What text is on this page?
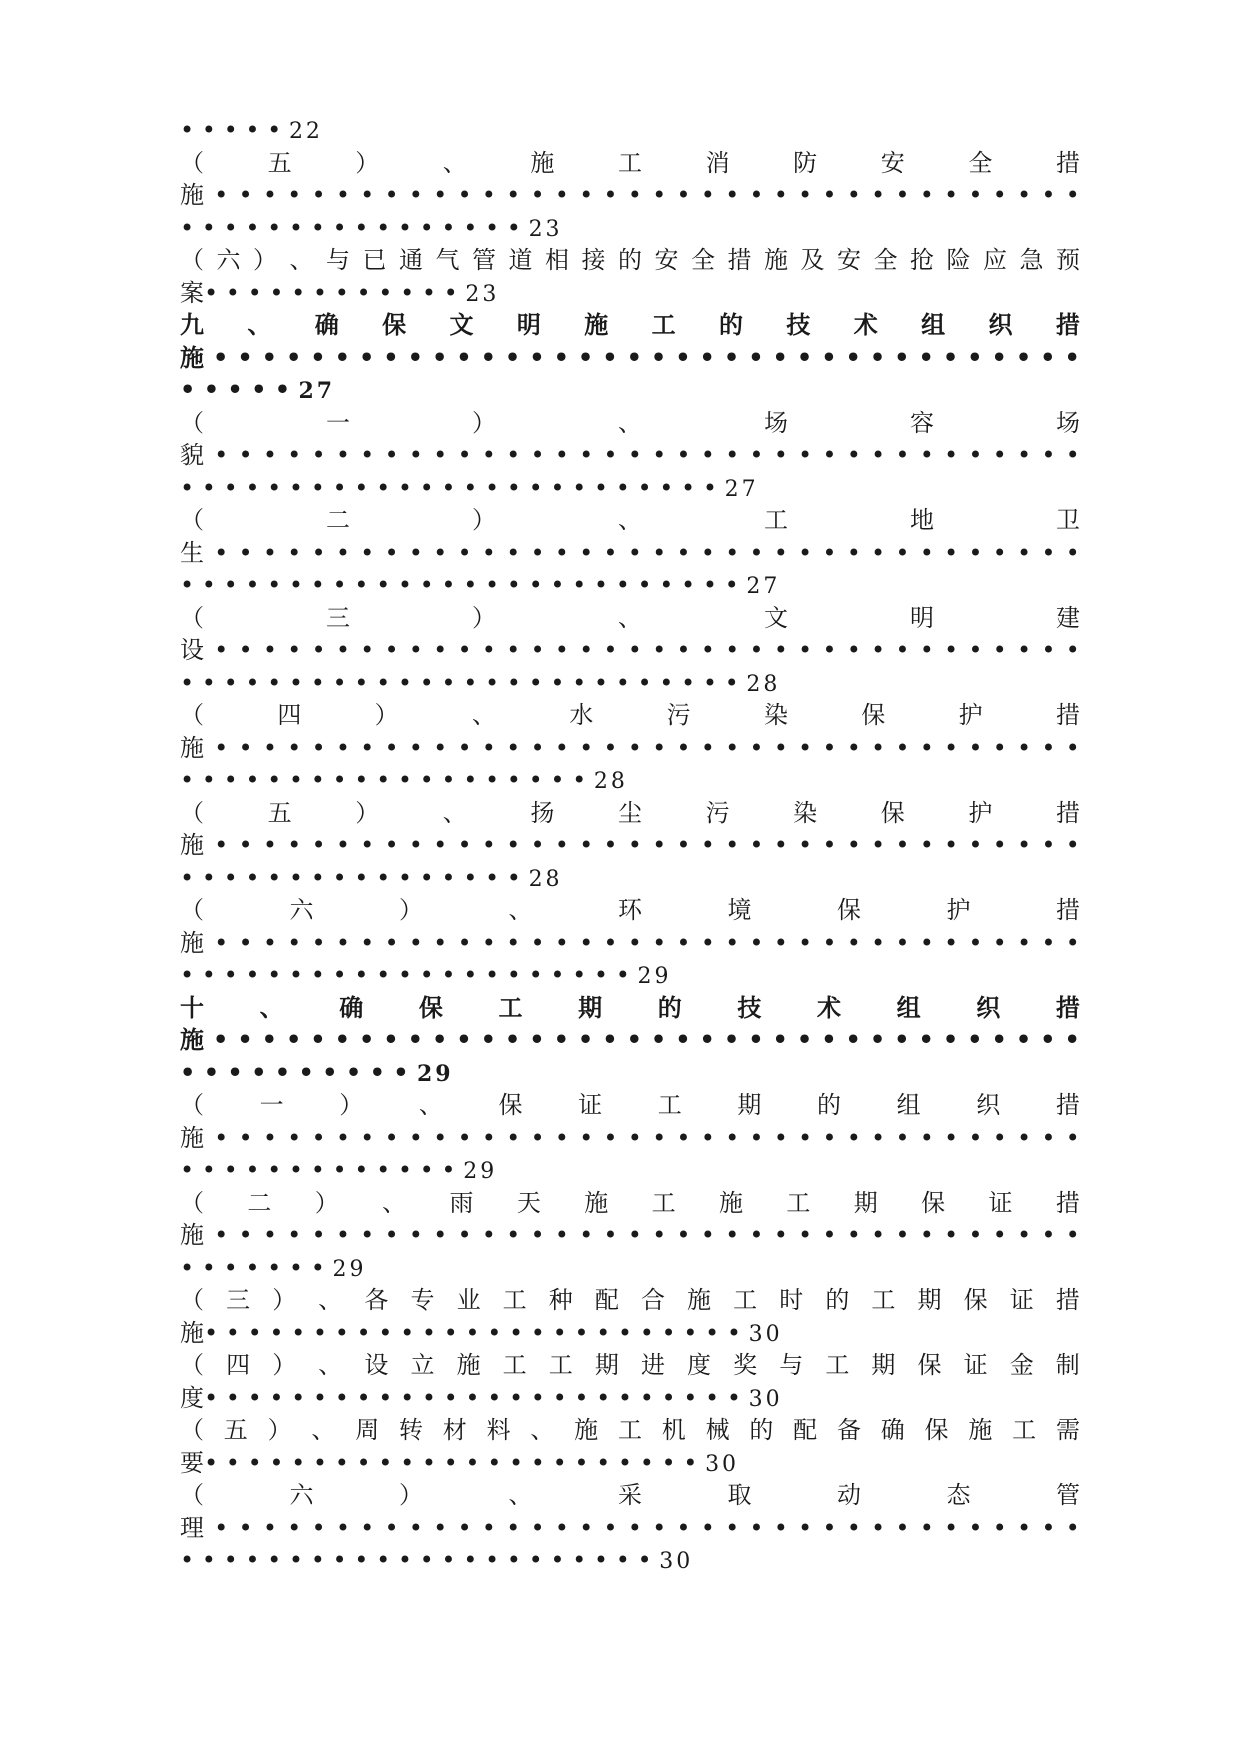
• • • • • 22
（	五	）	、	施	工	消	防	安	全	措
施 • • • • • • • • • • • • • • • • • • • • • • • • • • • • • • • • • • • •
• • • • • • • • • • • • • • • • 23
（ 六 ） 、 与 已 通 气 管 道 相 接 的 安 全 措 施 及 安 全 抢 险 应 急 预
案• • • • • • • • • • • • 23
九 、 确 保 文 明 施 工 的 技 术 组 织 措
施 • • • • • • • • • • • • • • • • • • • • • • • • • • • • • • • • • • • •
• • • • • 27
（	一	）	、	场	容	场
貌 • • • • • • • • • • • • • • • • • • • • • • • • • • • • • • • • • • • •
• • • • • • • • • • • • • • • • • • • • • • • • • 27
（	二	）	、	工	地	卫
生 • • • • • • • • • • • • • • • • • • • • • • • • • • • • • • • • • • • •
• • • • • • • • • • • • • • • • • • • • • • • • • • 27
（	三	）	、	文	明	建
设 • • • • • • • • • • • • • • • • • • • • • • • • • • • • • • • • • • • •
• • • • • • • • • • • • • • • • • • • • • • • • • • 28
（	四	）	、	水	污	染	保	护	措
施 • • • • • • • • • • • • • • • • • • • • • • • • • • • • • • • • • • • •
• • • • • • • • • • • • • • • • • • • 28
（	五	）	、	扬	尘	污	染	保	护	措
施 • • • • • • • • • • • • • • • • • • • • • • • • • • • • • • • • • • • •
• • • • • • • • • • • • • • • • 28
（	六	）	、	环	境	保	护	措
施 • • • • • • • • • • • • • • • • • • • • • • • • • • • • • • • • • • • •
• • • • • • • • • • • • • • • • • • • • • 29
十 、 确 保 工 期 的 技 术 组 织 措
施 • • • • • • • • • • • • • • • • • • • • • • • • • • • • • • • • • • • •
• • • • • • • • • • 29
（ 一 ） 、 保 证 工 期 的 组 织 措
施 • • • • • • • • • • • • • • • • • • • • • • • • • • • • • • • • • • • •
• • • • • • • • • • • • • 29
（ 二 ） 、 雨 天 施 工 施 工 期 保 证 措
施 • • • • • • • • • • • • • • • • • • • • • • • • • • • • • • • • • • • •
• • • • • • • 29
（ 三 ） 、 各 专 业 工 种 配 合 施 工 时 的 工 期 保 证 措
施• • • • • • • • • • • • • • • • • • • • • • • • • 30
（ 四 ） 、 设 立 施 工 工 期 进 度 奖 与 工 期 保 证 金 制
度• • • • • • • • • • • • • • • • • • • • • • • • • 30
（ 五 ） 、 周 转 材 料 、 施 工 机 械 的 配 备 确 保 施 工 需
要• • • • • • • • • • • • • • • • • • • • • • • 30
（	六	）	、	采	取	动	态	管
理 • • • • • • • • • • • • • • • • • • • • • • • • • • • • • • • • • • • •
• • • • • • • • • • • • • • • • • • • • • • 30
